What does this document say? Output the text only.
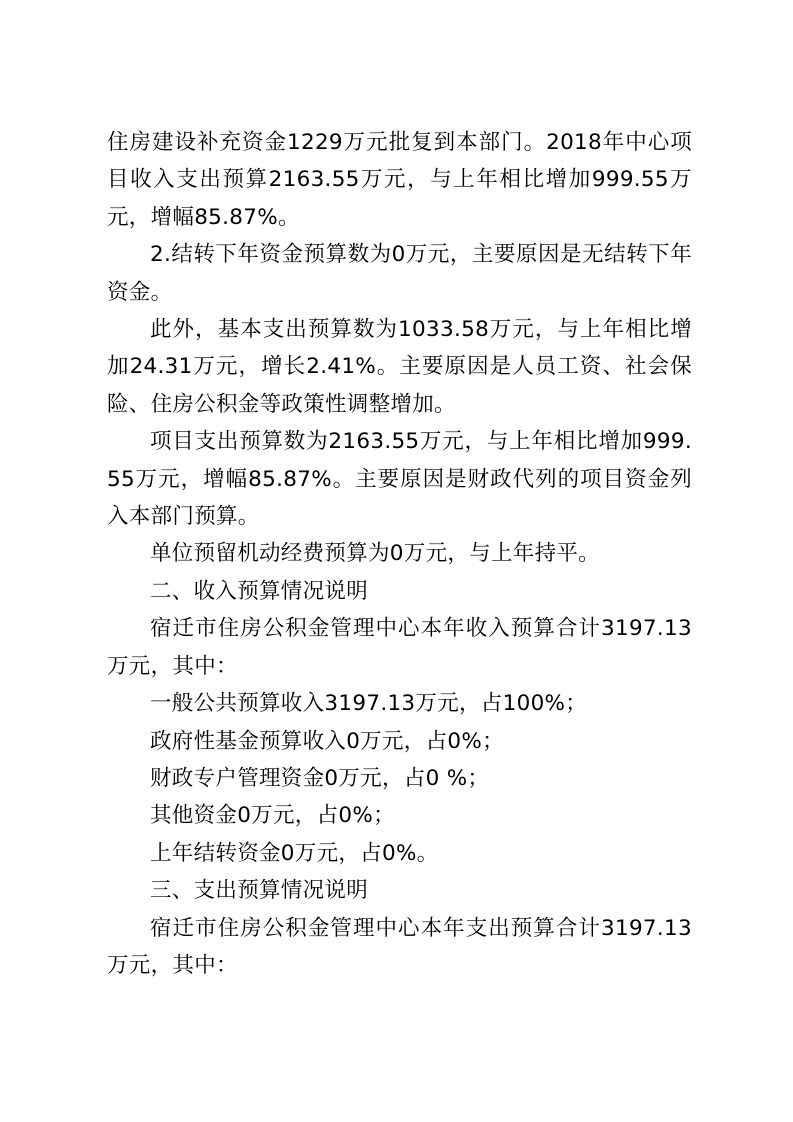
住房建设补充资金1229万元批复到本部门。2018年中心项目收入支出预算2163.55万元，与上年相比增加999.55万元，增幅85.87%。

2.结转下年资金预算数为0万元，主要原因是无结转下年资金。

此外，基本支出预算数为1033.58万元，与上年相比增加24.31万元，增长2.41%。主要原因是人员工资、社会保险、住房公积金等政策性调整增加。

项目支出预算数为2163.55万元，与上年相比增加999.55万元，增幅85.87%。主要原因是财政代列的项目资金列入本部门预算。

单位预留机动经费预算为0万元，与上年持平。

二、收入预算情况说明

宿迁市住房公积金管理中心本年收入预算合计3197.13万元，其中：

一般公共预算收入3197.13万元，占100%；

政府性基金预算收入0万元，占0%；

财政专户管理资金0万元，占0 %；

其他资金0万元，占0%；

上年结转资金0万元，占0%。

三、支出预算情况说明

宿迁市住房公积金管理中心本年支出预算合计3197.13万元，其中：
